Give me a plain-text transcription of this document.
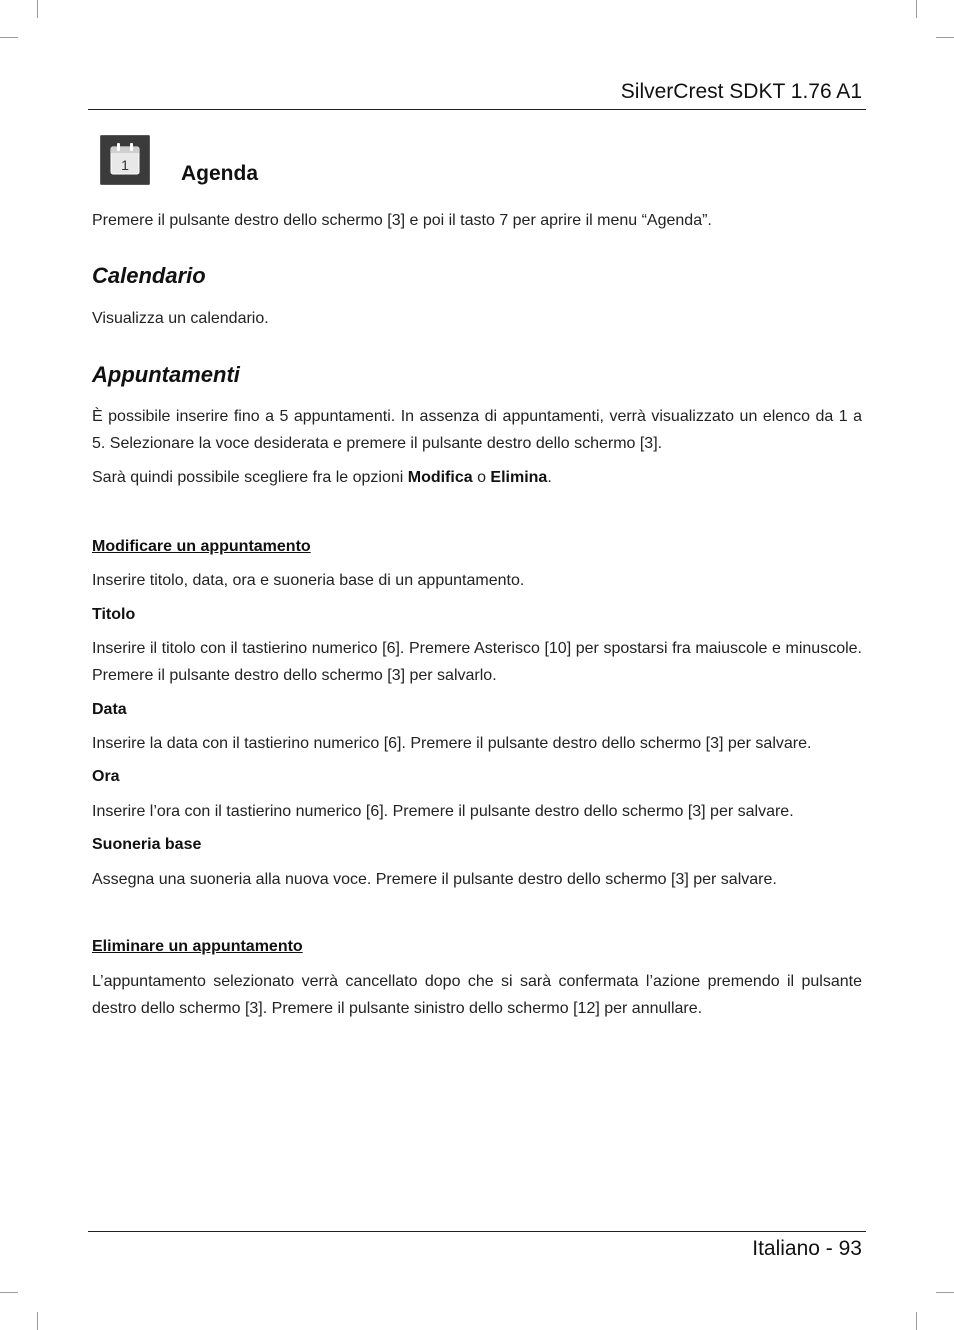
SilverCrest SDKT 1.76 A1
1 Agenda

Premere il pulsante destro dello schermo [3] e poi il tasto 7 per aprire il menu “Agenda”.

Calendario

Visualizza un calendario.

Appuntamenti

È possibile inserire fino a 5 appuntamenti. In assenza di appuntamenti, verrà visualizzato un elenco da 1 a 5. Selezionare la voce desiderata e premere il pulsante destro dello schermo [3].

Sarà quindi possibile scegliere fra le opzioni Modifica o Elimina.

Modificare un appuntamento

Inserire titolo, data, ora e suoneria base di un appuntamento.

Titolo

Inserire il titolo con il tastierino numerico [6]. Premere Asterisco [10] per spostarsi fra maiuscole e minuscole. Premere il pulsante destro dello schermo [3] per salvarlo.

Data

Inserire la data con il tastierino numerico [6]. Premere il pulsante destro dello schermo [3] per salvare.

Ora

Inserire l’ora con il tastierino numerico [6]. Premere il pulsante destro dello schermo [3] per salvare.

Suoneria base

Assegna una suoneria alla nuova voce. Premere il pulsante destro dello schermo [3] per salvare.

Eliminare un appuntamento

L’appuntamento selezionato verrà cancellato dopo che si sarà confermata l’azione premendo il pulsante destro dello schermo [3]. Premere il pulsante sinistro dello schermo [12] per annullare.

Italiano - 93
